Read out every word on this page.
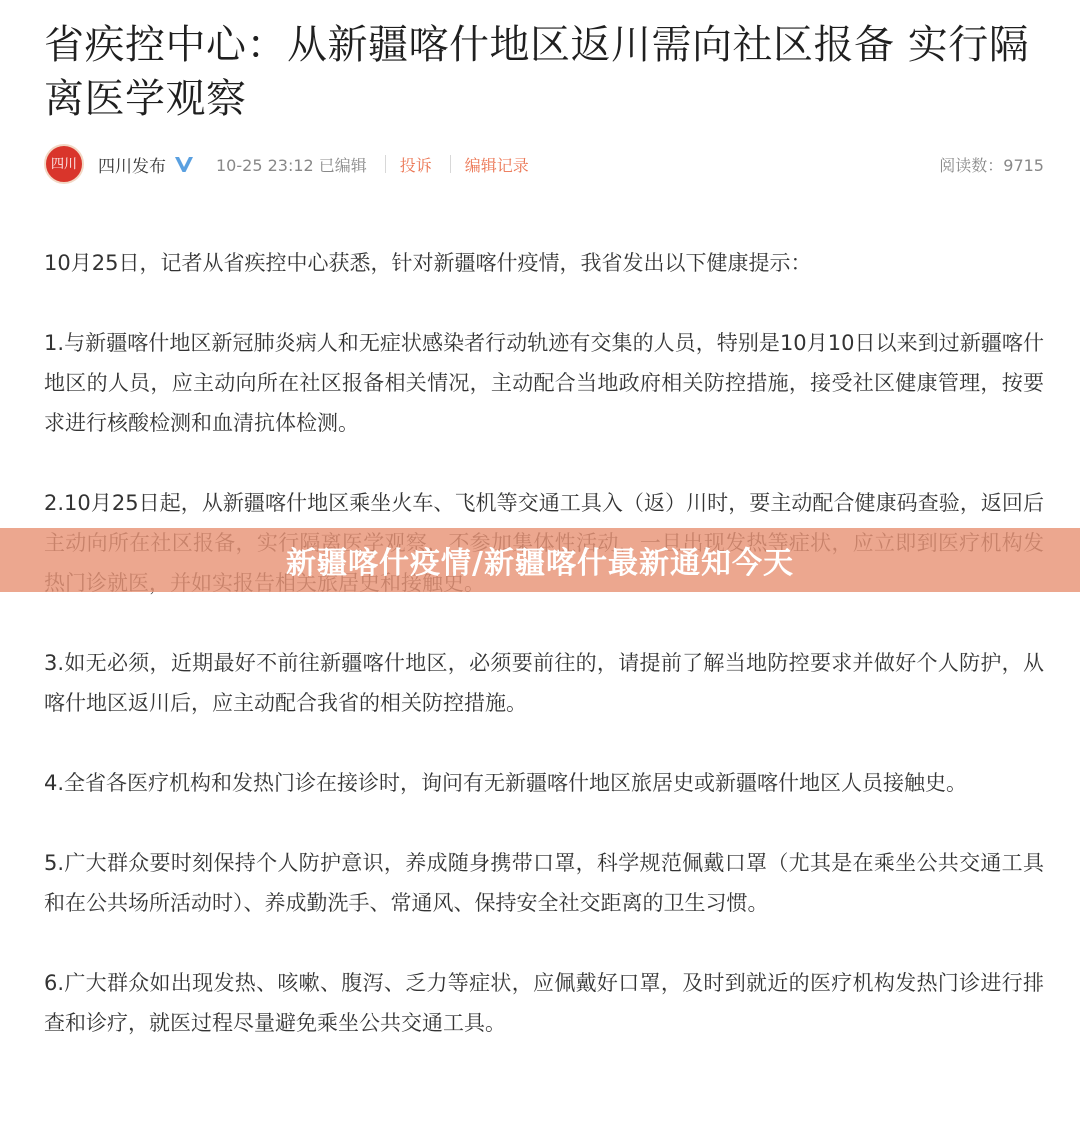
省疾控中心：从新疆喀什地区返川需向社区报备 实行隔离医学观察
四川 四川发布	10-25 23:12 已编辑 投诉 编辑记录	阅读数：9715

10月25日，记者从省疾控中心获悉，针对新疆喀什疫情，我省发出以下健康提示：

1.与新疆喀什地区新冠肺炎病人和无症状感染者行动轨迹有交集的人员，特别是10月10日以来到过新疆喀什地区的人员，应主动向所在社区报备相关情况，主动配合当地政府相关防控措施，接受社区健康管理，按要求进行核酸检测和血清抗体检测。

2.10月25日起，从新疆喀什地区乘坐火车、飞机等交通工具入（返）川时，要主动配合健康码查验，返回后

3.如无必须，近期最好不前往新疆喀什地区，必须要前往的，请提前了解当地防控要求并做好个人防护，从喀什地区返川后，应主动配合我省的相关防控措施。

4.全省各医疗机构和发热门诊在接诊时，询问有无新疆喀什地区旅居史或新疆喀什地区人员接触史。

5.广大群众要时刻保持个人防护意识，养成随身携带口罩，科学规范佩戴口罩（尤其是在乘坐公共交通工具和在公共场所活动时）、养成勤洗手、常通风、保持安全社交距离的卫生习惯。

6.广大群众如出现发热、咳嗽、腹泻、乏力等症状，应佩戴好口罩，及时到就近的医疗机构发热门诊进行排查和诊疗，就医过程尽量避免乘坐公共交通工具。

新疆喀什疫情/新疆喀什最新通知今天
